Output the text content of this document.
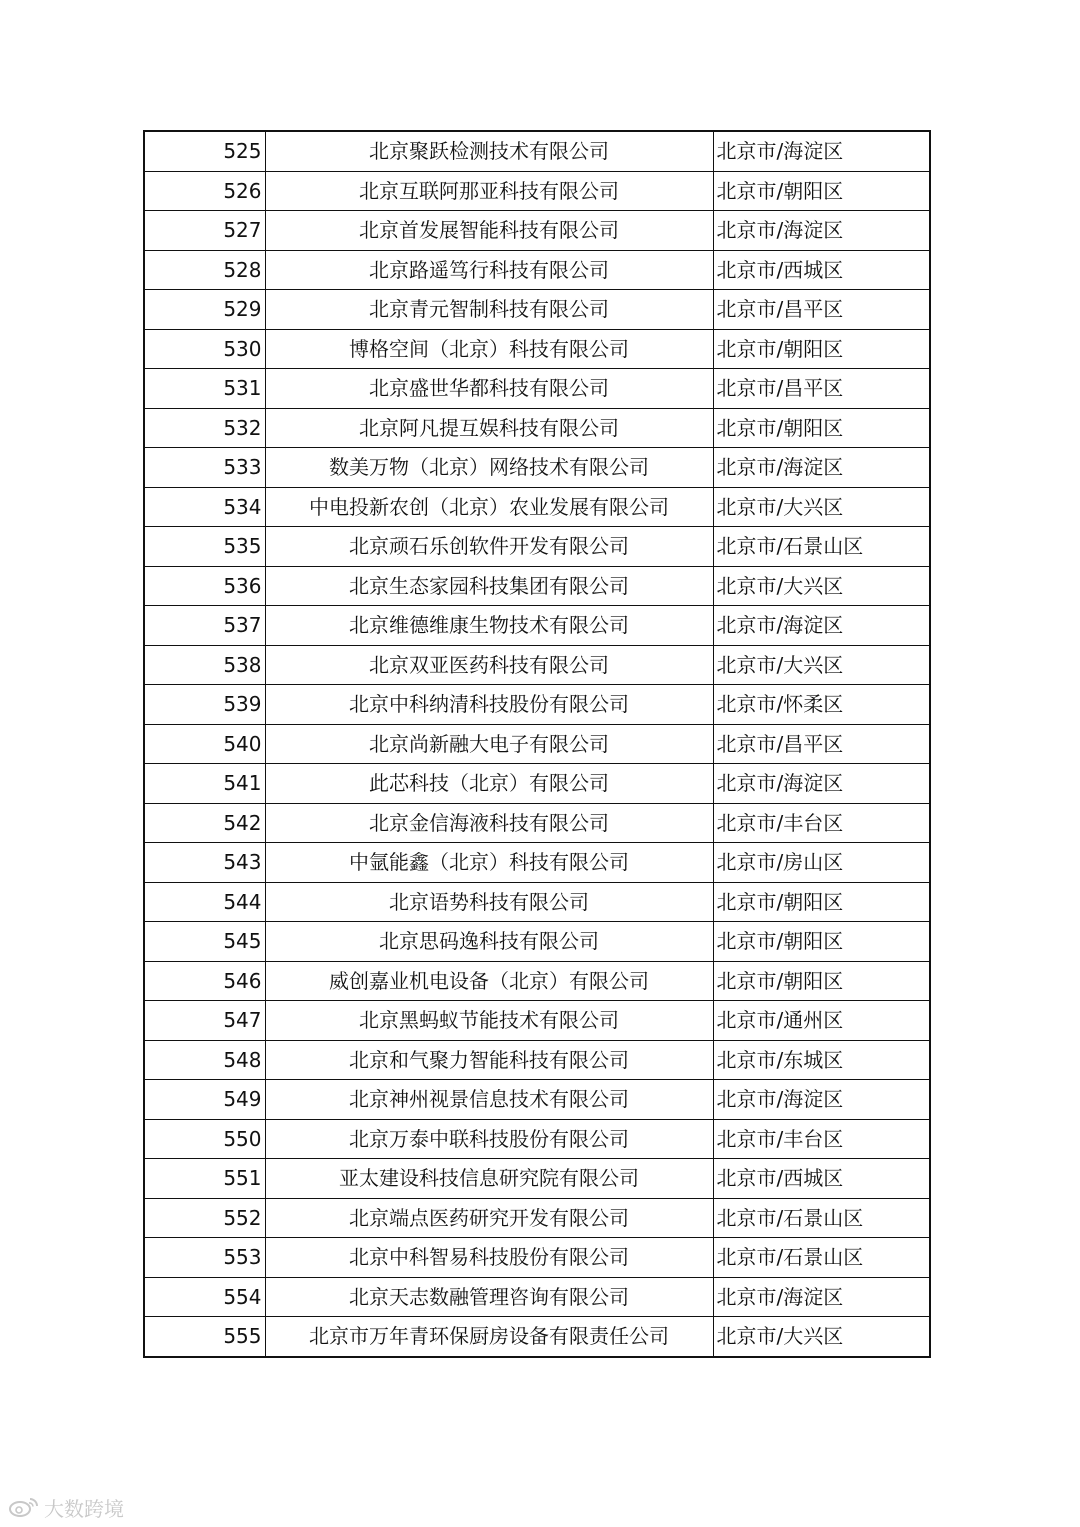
525	北京聚跃检测技术有限公司	北京市/海淀区
526	北京互联阿那亚科技有限公司	北京市/朝阳区
527	北京首发展智能科技有限公司	北京市/海淀区
528	北京路遥笃行科技有限公司	北京市/西城区
529	北京青元智制科技有限公司	北京市/昌平区
530	博格空间（北京）科技有限公司	北京市/朝阳区
531	北京盛世华都科技有限公司	北京市/昌平区
532	北京阿凡提互娱科技有限公司	北京市/朝阳区
533	数美万物（北京）网络技术有限公司	北京市/海淀区
534	中电投新农创（北京）农业发展有限公司	北京市/大兴区
535	北京顽石乐创软件开发有限公司	北京市/石景山区
536	北京生态家园科技集团有限公司	北京市/大兴区
537	北京维德维康生物技术有限公司	北京市/海淀区
538	北京双亚医药科技有限公司	北京市/大兴区
539	北京中科纳清科技股份有限公司	北京市/怀柔区
540	北京尚新融大电子有限公司	北京市/昌平区
541	此芯科技（北京）有限公司	北京市/海淀区
542	北京金信海液科技有限公司	北京市/丰台区
543	中氩能鑫（北京）科技有限公司	北京市/房山区
544	北京语势科技有限公司	北京市/朝阳区
545	北京思码逸科技有限公司	北京市/朝阳区
546	威创嘉业机电设备（北京）有限公司	北京市/朝阳区
547	北京黑蚂蚁节能技术有限公司	北京市/通州区
548	北京和气聚力智能科技有限公司	北京市/东城区
549	北京神州视景信息技术有限公司	北京市/海淀区
550	北京万泰中联科技股份有限公司	北京市/丰台区
551	亚太建设科技信息研究院有限公司	北京市/西城区
552	北京端点医药研究开发有限公司	北京市/石景山区
553	北京中科智易科技股份有限公司	北京市/石景山区
554	北京天志数融管理咨询有限公司	北京市/海淀区
555	北京市万年青环保厨房设备有限责任公司	北京市/大兴区
大数跨境
